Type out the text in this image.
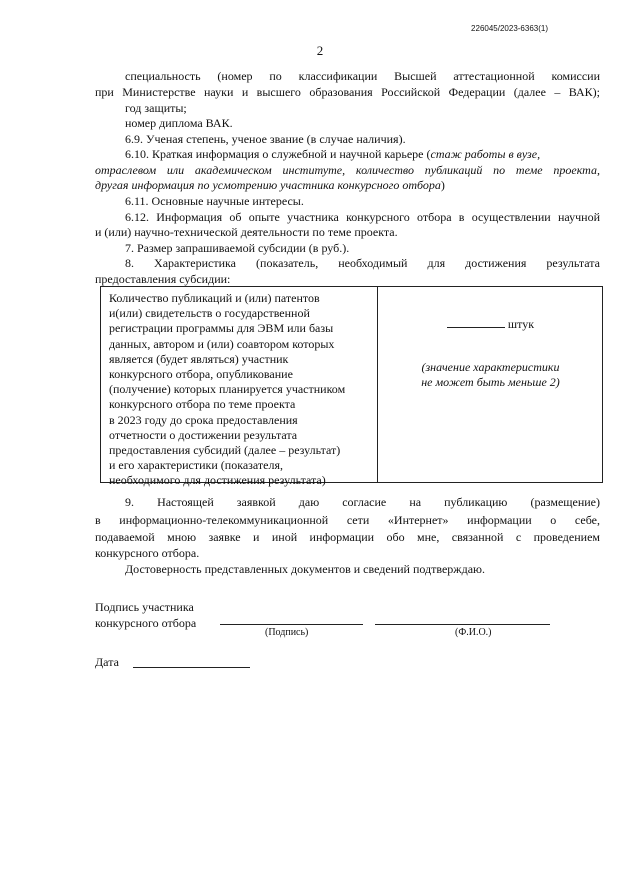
226045/2023-6363(1)
2
специальность (номер по классификации Высшей аттестационной комиссии
при Министерстве науки и высшего образования Российской Федерации (далее – ВАК);
год защиты;
номер диплома ВАК.
6.9. Ученая степень, ученое звание (в случае наличия).
6.10. Краткая информация о служебной и научной карьере (стаж работы в вузе,
отраслевом или академическом институте, количество публикаций по теме проекта,
другая информация по усмотрению участника конкурсного отбора)
6.11. Основные научные интересы.
6.12. Информация об опыте участника конкурсного отбора в осуществлении научной
и (или) научно-технической деятельности по теме проекта.
7. Размер запрашиваемой субсидии (в руб.).
8. Характеристика (показатель, необходимый для достижения результата
предоставления субсидии:
Количество публикаций и (или) патентов
и(или) свидетельств о государственной
регистрации программы для ЭВМ или базы
данных, автором и (или) соавтором которых
является (будет являться) участник
конкурсного отбора, опубликование
(получение) которых планируется участником
конкурсного отбора по теме проекта
в 2023 году до срока предоставления
отчетности о достижении результата
предоставления субсидий (далее – результат)
и его характеристики (показателя,
необходимого для достижения результата)
штук
(значение характеристики
не может быть меньше 2)
9. Настоящей заявкой даю согласие на публикацию (размещение)
в информационно-телекоммуникационной сети «Интернет» информации о себе,
подаваемой мною заявке и иной информации обо мне, связанной с проведением
конкурсного отбора.
Достоверность представленных документов и сведений подтверждаю.
Подпись участника
конкурсного отбора
(Подпись)	(Ф.И.О.)
Дата
